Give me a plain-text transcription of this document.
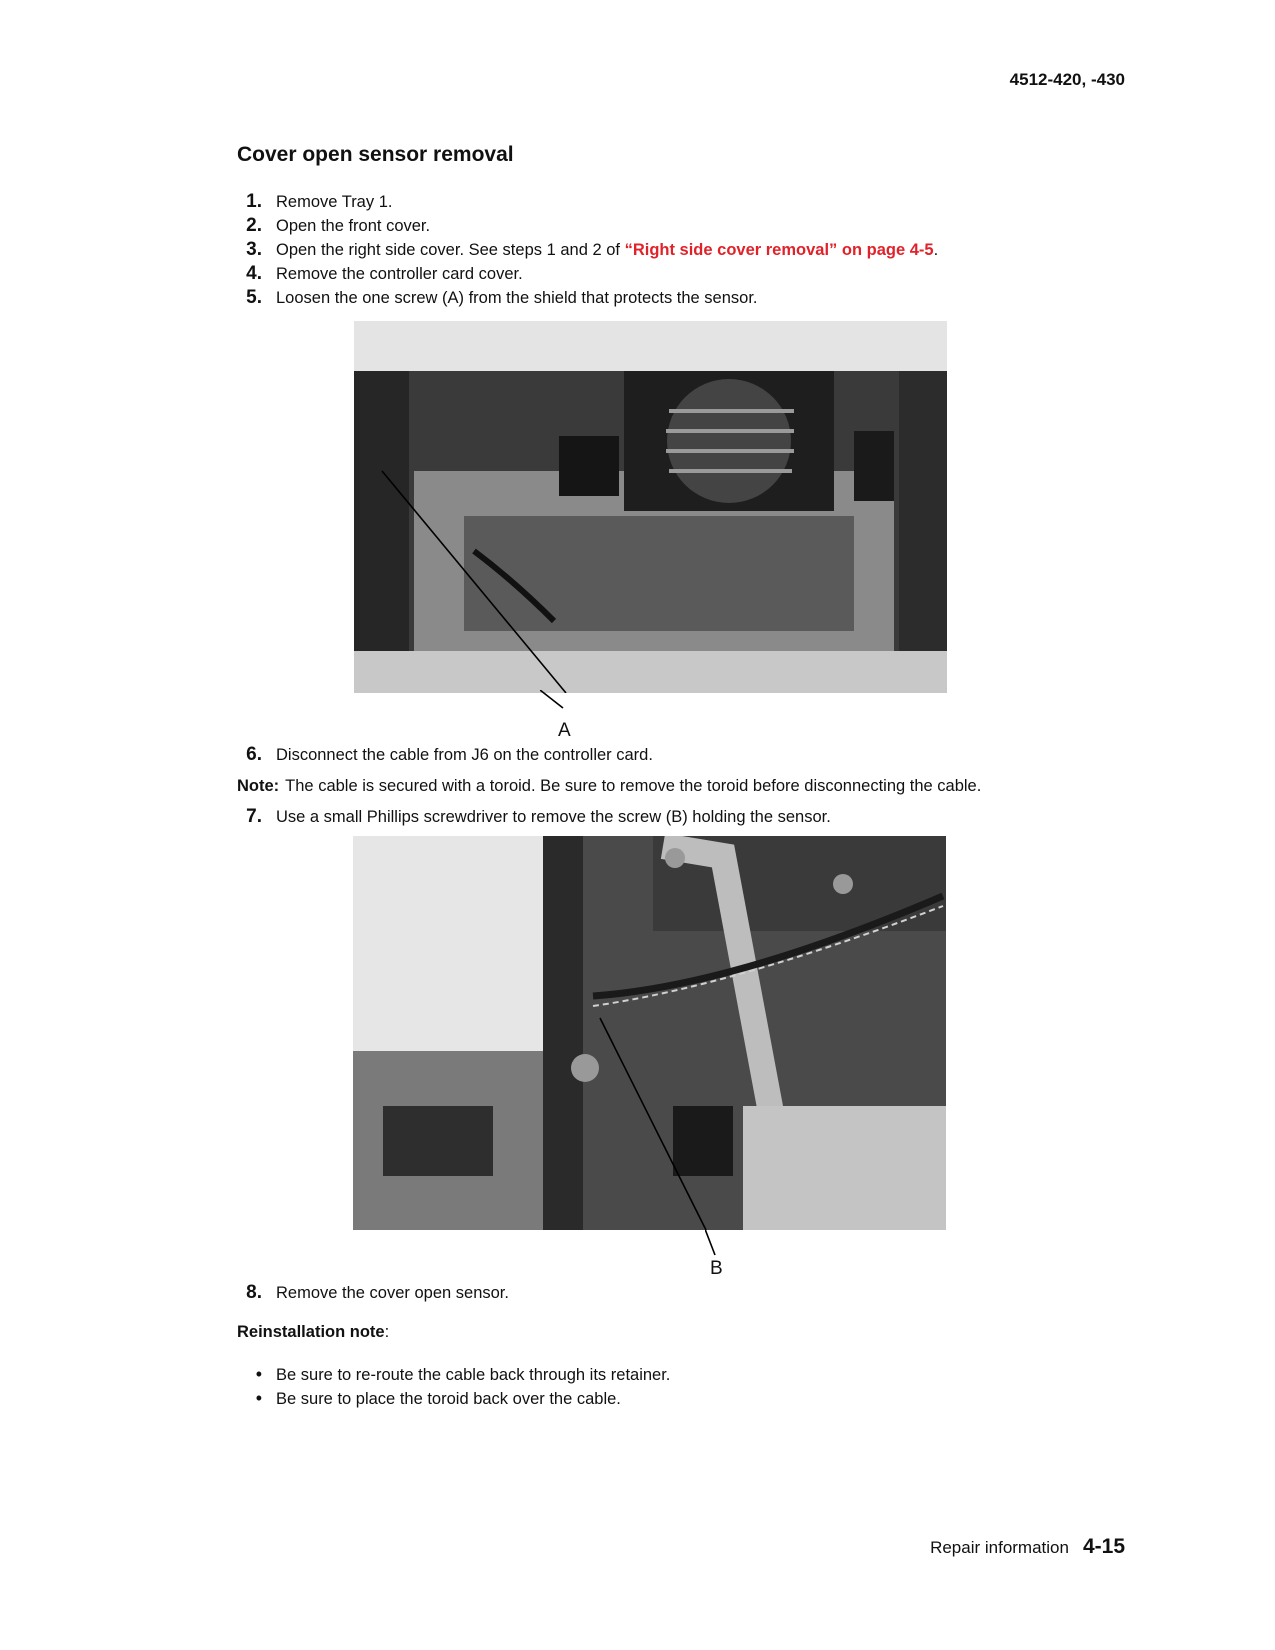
4512-420, -430
Cover open sensor removal
1. Remove Tray 1.
2. Open the front cover.
3. Open the right side cover. See steps 1 and 2 of “Right side cover removal” on page 4-5.
4. Remove the controller card cover.
5. Loosen the one screw (A) from the shield that protects the sensor.
A
6. Disconnect the cable from J6 on the controller card.
Note: The cable is secured with a toroid. Be sure to remove the toroid before disconnecting the cable.
7. Use a small Phillips screwdriver to remove the screw (B) holding the sensor.
B
8. Remove the cover open sensor.
Reinstallation note:
• Be sure to re-route the cable back through its retainer.
• Be sure to place the toroid back over the cable.
Repair information 4-15
